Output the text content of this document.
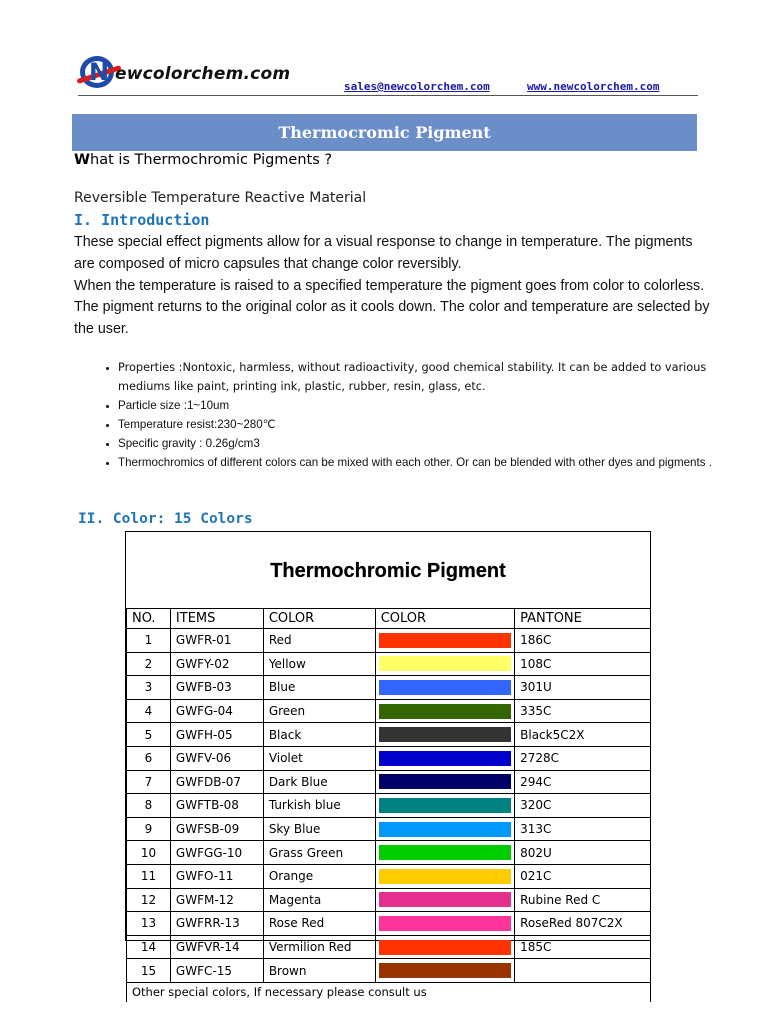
N ewcolorchem.com
sales@newcolorchem.com	www.newcolorchem.com
Thermocromic Pigment
What is Thermochromic Pigments ?
Reversible Temperature Reactive Material
I. Introduction

These special effect pigments allow for a visual response to change in temperature. The pigments are composed of micro capsules that change color reversibly.

When the temperature is raised to a specified temperature the pigment goes from color to colorless. The pigment returns to the original color as it cools down. The color and temperature are selected by the user.

• Properties :Nontoxic, harmless, without radioactivity, good chemical stability. It can be added to various mediums like paint, printing ink, plastic, rubber, resin, glass, etc.
• Particle size :1~10um
• Temperature resist:230~280℃
• Specific gravity : 0.26g/cm3
• Thermochromics of different colors can be mixed with each other. Or can be blended with other dyes and pigments .
II. Color: 15 Colors
Thermochromic Pigment
NO.	ITEMS	COLOR	COLOR	PANTONE
1	GWFR-01	Red		186C
2	GWFY-02	Yellow		108C
3	GWFB-03	Blue		301U
4	GWFG-04	Green		335C
5	GWFH-05	Black		Black5C2X
6	GWFV-06	Violet		2728C
7	GWFDB-07	Dark Blue		294C
8	GWFTB-08	Turkish blue		320C
9	GWFSB-09	Sky Blue		313C
10	GWFGG-10	Grass Green		802U
11	GWFO-11	Orange		021C
12	GWFM-12	Magenta		Rubine Red C
13	GWFRR-13	Rose Red		RoseRed 807C2X
14	GWFVR-14	Vermilion Red		185C
15	GWFC-15	Brown	

Other special colors, If necessary please consult us				
